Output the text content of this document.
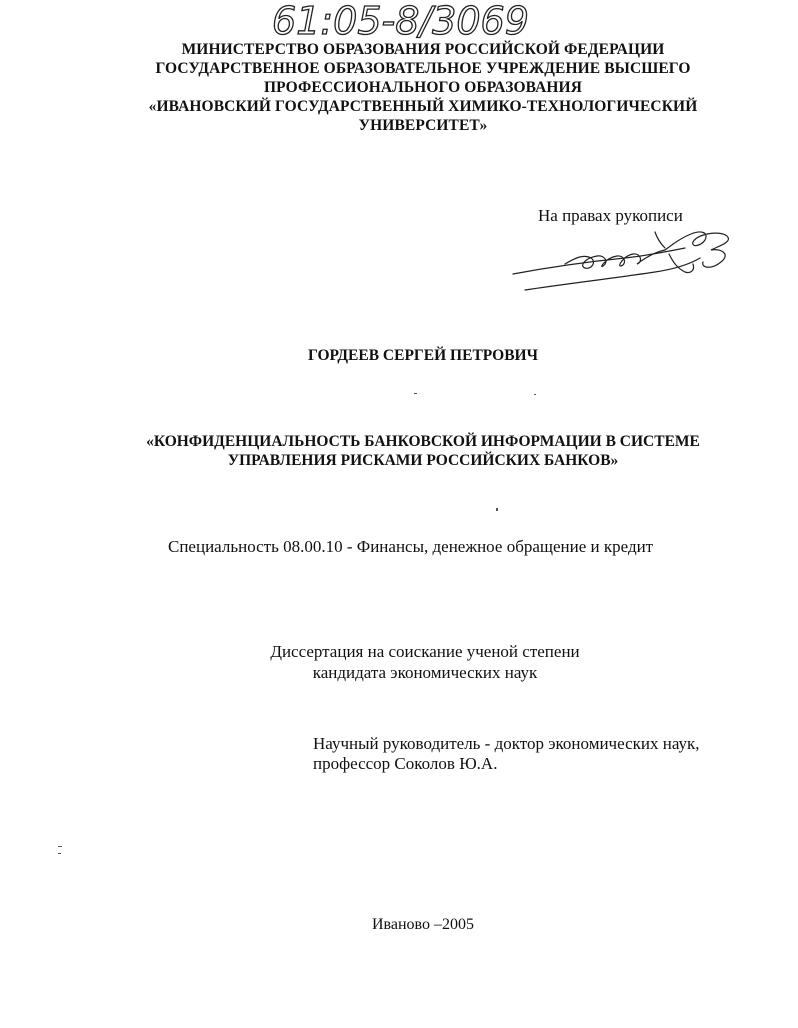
61:05-8/3069
МИНИСТЕРСТВО ОБРАЗОВАНИЯ РОССИЙСКОЙ ФЕДЕРАЦИИ
ГОСУДАРСТВЕННОЕ ОБРАЗОВАТЕЛЬНОЕ УЧРЕЖДЕНИЕ ВЫСШЕГО
ПРОФЕССИОНАЛЬНОГО ОБРАЗОВАНИЯ
«ИВАНОВСКИЙ ГОСУДАРСТВЕННЫЙ ХИМИКО-ТЕХНОЛОГИЧЕСКИЙ
УНИВЕРСИТЕТ»
На правах рукописи
ГОРДЕЕВ СЕРГЕЙ ПЕТРОВИЧ
«КОНФИДЕНЦИАЛЬНОСТЬ БАНКОВСКОЙ ИНФОРМАЦИИ В СИСТЕМЕ
УПРАВЛЕНИЯ РИСКАМИ РОССИЙСКИХ БАНКОВ»
Специальность 08.00.10 - Финансы, денежное обращение и кредит
Диссертация на соискание ученой степени
кандидата экономических наук
Научный руководитель - доктор экономических наук,
профессор Соколов Ю.А.
Иваново –2005
